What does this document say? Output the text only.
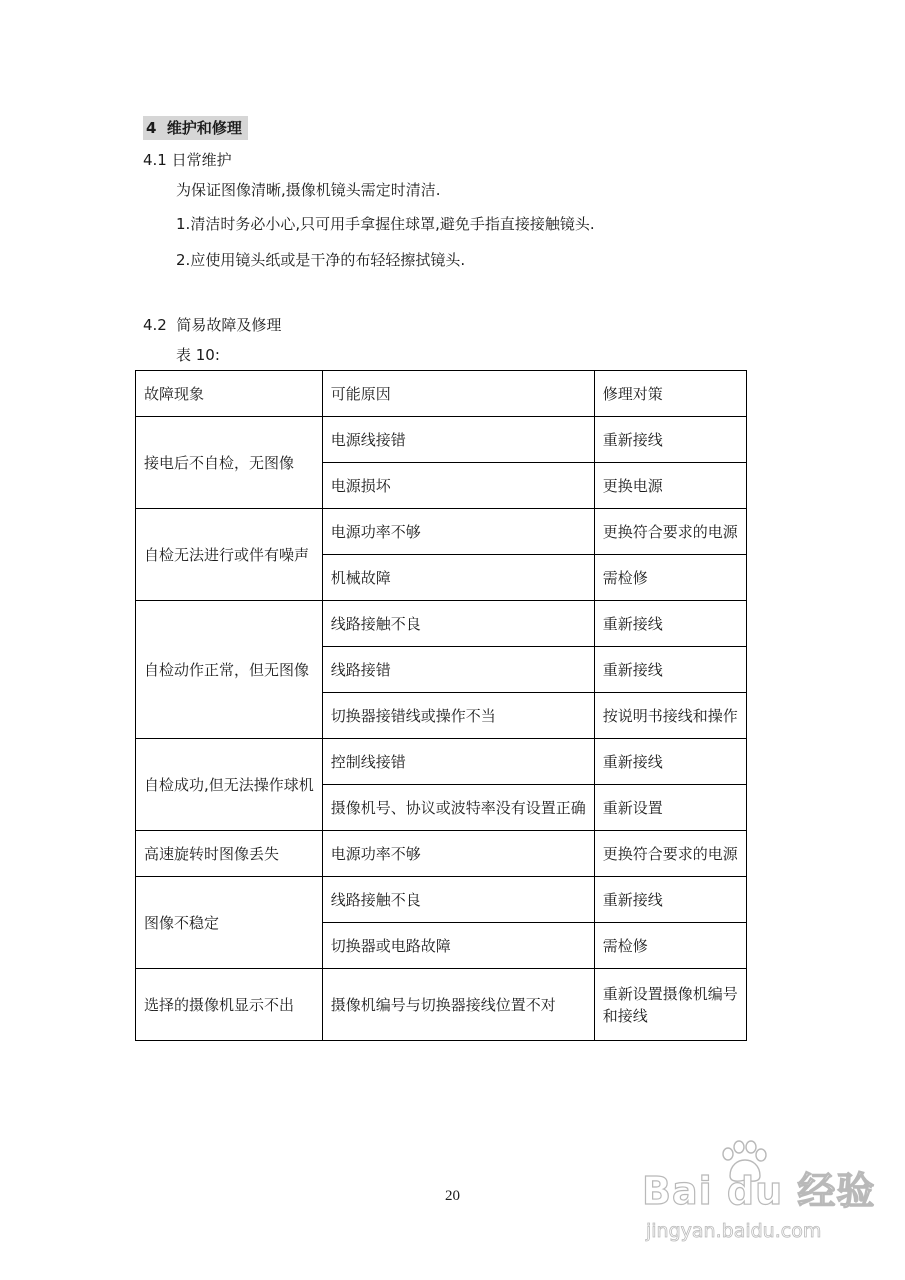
4 维护和修理
4.1 日常维护
为保证图像清晰,摄像机镜头需定时清洁.
1.清洁时务必小心,只可用手拿握住球罩,避免手指直接接触镜头.
2.应使用镜头纸或是干净的布轻轻擦拭镜头.
4.2 简易故障及修理
表 10:
故障现象	可能原因	修理对策
接电后不自检，无图像	电源线接错	重新接线
	电源损坏	更换电源
自检无法进行或伴有噪声	电源功率不够	更换符合要求的电源
	机械故障	需检修
自检动作正常，但无图像	线路接触不良	重新接线
	线路接错	重新接线
	切换器接错线或操作不当	按说明书接线和操作
自检成功,但无法操作球机	控制线接错	重新接线
	摄像机号、协议或波特率没有设置正确	重新设置
高速旋转时图像丢失	电源功率不够	更换符合要求的电源
图像不稳定	线路接触不良	重新接线
	切换器或电路故障	需检修
选择的摄像机显示不出	摄像机编号与切换器接线位置不对	重新设置摄像机编号和接线
20	Bai du 经验
jingyan.baidu.com
